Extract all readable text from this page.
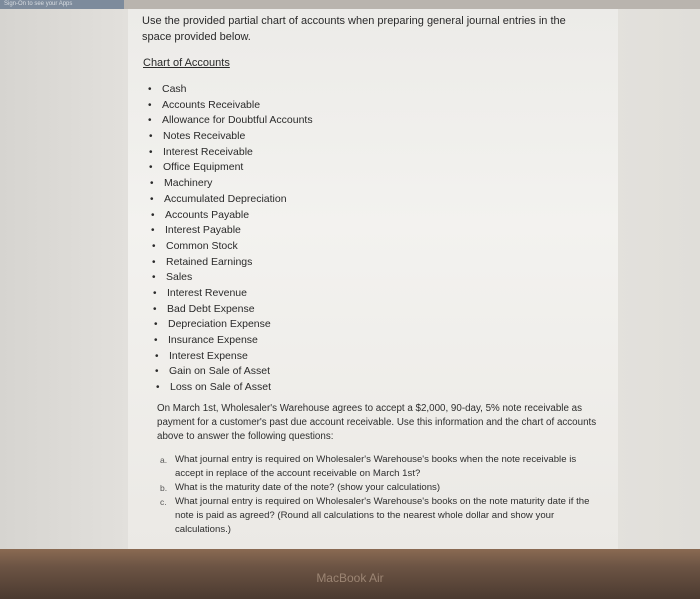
Sign-On to see your Apps
Use the provided partial chart of accounts when preparing general journal entries in the space provided below.
Chart of Accounts
• Cash
• Accounts Receivable
• Allowance for Doubtful Accounts
• Notes Receivable
• Interest Receivable
• Office Equipment
• Machinery
• Accumulated Depreciation
• Accounts Payable
• Interest Payable
• Common Stock
• Retained Earnings
• Sales
• Interest Revenue
• Bad Debt Expense
• Depreciation Expense
• Insurance Expense
• Interest Expense
• Gain on Sale of Asset
• Loss on Sale of Asset
On March 1st, Wholesaler's Warehouse agrees to accept a $2,000, 90-day, 5% note receivable as payment for a customer's past due account receivable. Use this information and the chart of accounts above to answer the following questions:
a. What journal entry is required on Wholesaler's Warehouse's books when the note receivable is accept in replace of the account receivable on March 1st?
b. What is the maturity date of the note? (show your calculations)
c. What journal entry is required on Wholesaler's Warehouse's books on the note maturity date if the note is paid as agreed? (Round all calculations to the nearest whole dollar and show your calculations.)
MacBook Air
